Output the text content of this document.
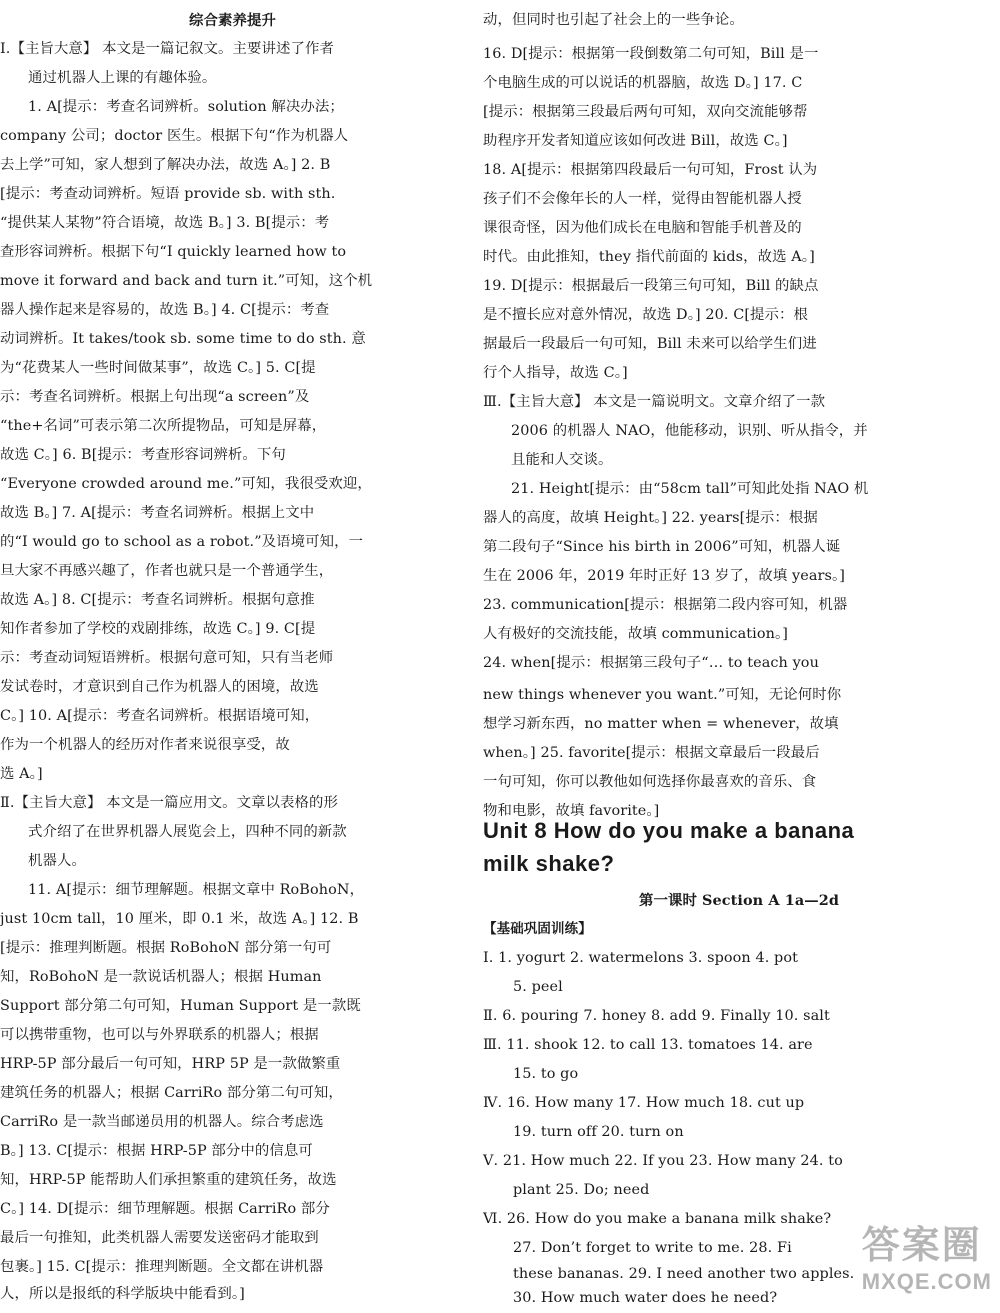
综合素养提升
Ⅰ.【主旨大意】 本文是一篇记叙文。主要讲述了作者
通过机器人上课的有趣体验。
1. A[提示：考查名词辨析。solution 解决办法；
company 公司；doctor 医生。根据下句“作为机器人
去上学”可知，家人想到了解决办法，故选 A。] 2. B
[提示：考查动词辨析。短语 provide sb. with sth.
“提供某人某物”符合语境，故选 B。] 3. B[提示：考
查形容词辨析。根据下句“I quickly learned how to
move it forward and back and turn it.”可知，这个机
器人操作起来是容易的，故选 B。] 4. C[提示：考查
动词辨析。It takes/took sb. some time to do sth. 意
为“花费某人一些时间做某事”，故选 C。] 5. C[提
示：考查名词辨析。根据上句出现“a screen”及
“the+名词”可表示第二次所提物品，可知是屏幕，
故选 C。] 6. B[提示：考查形容词辨析。下句
“Everyone crowded around me.”可知，我很受欢迎，
故选 B。] 7. A[提示：考查名词辨析。根据上文中
的“I would go to school as a robot.”及语境可知，一
旦大家不再感兴趣了，作者也就只是一个普通学生，
故选 A。] 8. C[提示：考查名词辨析。根据句意推
知作者参加了学校的戏剧排练，故选 C。] 9. C[提
示：考查动词短语辨析。根据句意可知，只有当老师
发试卷时，才意识到自己作为机器人的困境，故选
C。] 10. A[提示：考查名词辨析。根据语境可知，
作为一个机器人的经历对作者来说很享受，故
选 A。]
Ⅱ.【主旨大意】 本文是一篇应用文。文章以表格的形
式介绍了在世界机器人展览会上，四种不同的新款
机器人。
11. A[提示：细节理解题。根据文章中 RoBohoN，
just 10cm tall，10 厘米，即 0.1 米，故选 A。] 12. B
[提示：推理判断题。根据 RoBohoN 部分第一句可
知，RoBohoN 是一款说话机器人；根据 Human
Support 部分第二句可知，Human Support 是一款既
可以携带重物，也可以与外界联系的机器人；根据
HRP-5P 部分最后一句可知，HRP 5P 是一款做繁重
建筑任务的机器人；根据 CarriRo 部分第二句可知，
CarriRo 是一款当邮递员用的机器人。综合考虑选
B。] 13. C[提示：根据 HRP-5P 部分中的信息可
知，HRP-5P 能帮助人们承担繁重的建筑任务，故选
C。] 14. D[提示：细节理解题。根据 CarriRo 部分
最后一句推知，此类机器人需要发送密码才能取到
包裹。] 15. C[提示：推理判断题。全文都在讲机器
人，所以是报纸的科学版块中能看到。]
动，但同时也引起了社会上的一些争论。
16. D[提示：根据第一段倒数第二句可知，Bill 是一
个电脑生成的可以说话的机器脑，故选 D。] 17. C
[提示：根据第三段最后两句可知，双向交流能够帮
助程序开发者知道应该如何改进 Bill，故选 C。]
18. A[提示：根据第四段最后一句可知，Frost 认为
孩子们不会像年长的人一样，觉得由智能机器人授
课很奇怪，因为他们成长在电脑和智能手机普及的
时代。由此推知，they 指代前面的 kids，故选 A。]
19. D[提示：根据最后一段第三句可知，Bill 的缺点
是不擅长应对意外情况，故选 D。] 20. C[提示：根
据最后一段最后一句可知，Bill 未来可以给学生们进
行个人指导，故选 C。]
Ⅲ.【主旨大意】 本文是一篇说明文。文章介绍了一款
2006 的机器人 NAO，他能移动，识别、听从指令，并
且能和人交谈。
21. Height[提示：由“58cm tall”可知此处指 NAO 机
器人的高度，故填 Height。] 22. years[提示：根据
第二段句子“Since his birth in 2006”可知，机器人诞
生在 2006 年，2019 年时正好 13 岁了，故填 years。]
23. communication[提示：根据第二段内容可知，机器
人有极好的交流技能，故填 communication。]
24. when[提示：根据第三段句子“… to teach you
new things whenever you want.”可知，无论何时你
想学习新东西，no matter when = whenever，故填
when。] 25. favorite[提示：根据文章最后一段最后
一句可知，你可以教他如何选择你最喜欢的音乐、食
物和电影，故填 favorite。]
Unit 8 How do you make a banana
milk shake?
第一课时 Section A 1a—2d
【基础巩固训练】
Ⅰ. 1. yogurt 2. watermelons 3. spoon 4. pot
5. peel
Ⅱ. 6. pouring 7. honey 8. add 9. Finally 10. salt
Ⅲ. 11. shook 12. to call 13. tomatoes 14. are
15. to go
Ⅳ. 16. How many 17. How much 18. cut up
19. turn off 20. turn on
Ⅴ. 21. How much 22. If you 23. How many 24. to
plant 25. Do; need
Ⅵ. 26. How do you make a banana milk shake?
27. Don’t forget to write to me. 28. Fi
these bananas. 29. I need another two apples.
30. How much water does he need?
答案圈
MXQE.COM
